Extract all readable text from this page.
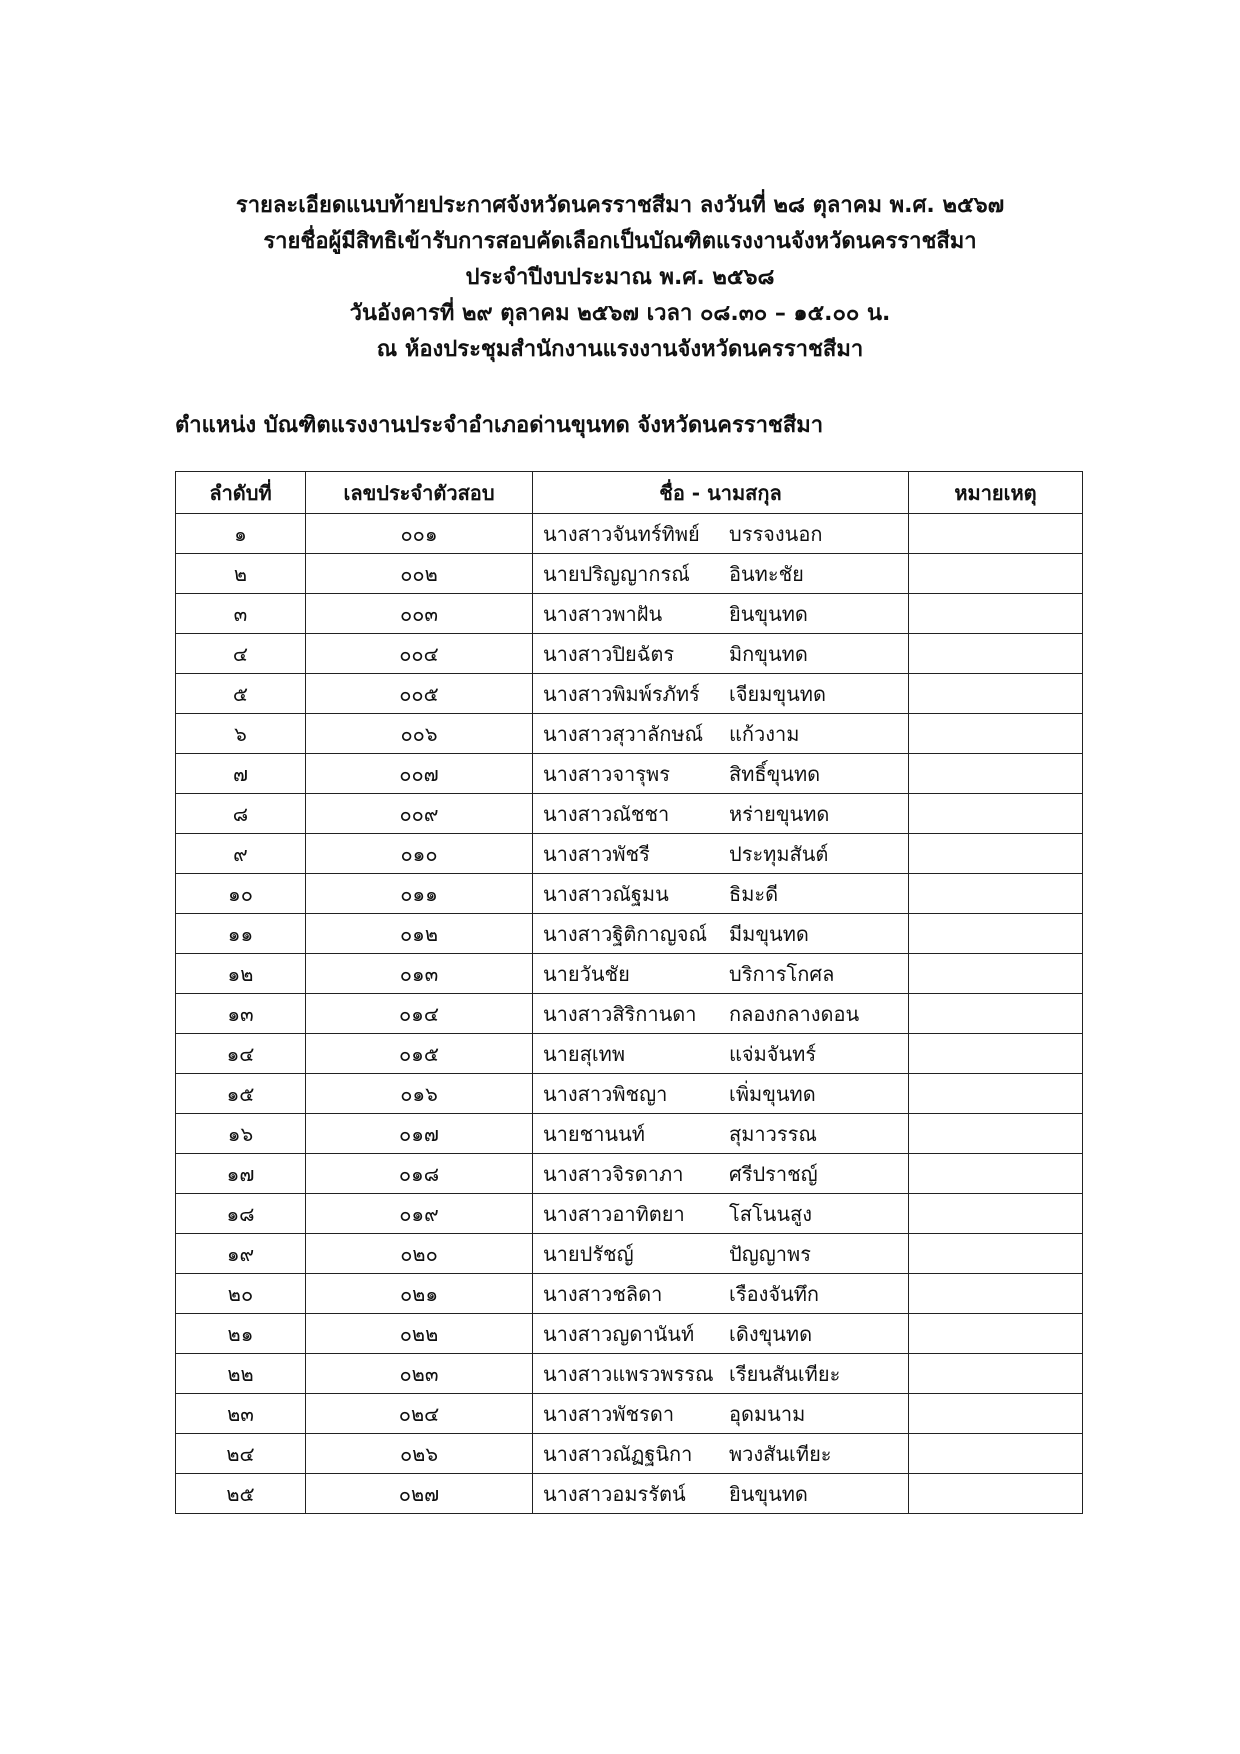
รายละเอียดแนบท้ายประกาศจังหวัดนครราชสีมา ลงวันที่ ๒๘ ตุลาคม พ.ศ. ๒๕๖๗
รายชื่อผู้มีสิทธิเข้ารับการสอบคัดเลือกเป็นบัณฑิตแรงงานจังหวัดนครราชสีมา
ประจำปีงบประมาณ พ.ศ. ๒๕๖๘
วันอังคารที่ ๒๙ ตุลาคม ๒๕๖๗ เวลา ๐๘.๓๐ – ๑๕.๐๐ น.
ณ ห้องประชุมสำนักงานแรงงานจังหวัดนครราชสีมา
ตำแหน่ง บัณฑิตแรงงานประจำอำเภอด่านขุนทด จังหวัดนครราชสีมา
ลำดับที่	เลขประจำตัวสอบ	ชื่อ - นามสกุล	หมายเหตุ
๑	๐๐๑	นางสาวจันทร์ทิพย์ บรรจงนอก	
๒	๐๐๒	นายปริญญากรณ์ อินทะชัย	
๓	๐๐๓	นางสาวพาฝัน ยินขุนทด	
๔	๐๐๔	นางสาวปิยฉัตร มิกขุนทด	
๕	๐๐๕	นางสาวพิมพ์รภัทร์ เจียมขุนทด	
๖	๐๐๖	นางสาวสุวาลักษณ์ แก้วงาม	
๗	๐๐๗	นางสาวจารุพร สิทธิ์ขุนทด	
๘	๐๐๙	นางสาวณัชชา หร่ายขุนทด	
๙	๐๑๐	นางสาวพัชรี ประทุมสันต์	
๑๐	๐๑๑	นางสาวณัฐมน ธิมะดี	
๑๑	๐๑๒	นางสาวฐิติกาญจณ์ มีมขุนทด	
๑๒	๐๑๓	นายวันชัย บริการโกศล	
๑๓	๐๑๔	นางสาวสิริกานดา กลองกลางดอน	
๑๔	๐๑๕	นายสุเทพ แจ่มจันทร์	
๑๕	๐๑๖	นางสาวพิชญา เพิ่มขุนทด	
๑๖	๐๑๗	นายชานนท์ สุมาวรรณ	
๑๗	๐๑๘	นางสาวจิรดาภา ศรีปราชญ์	
๑๘	๐๑๙	นางสาวอาทิตยา โสโนนสูง	
๑๙	๐๒๐	นายปรัชญ์ ปัญญาพร	
๒๐	๐๒๑	นางสาวชลิดา เรืองจันทึก	
๒๑	๐๒๒	นางสาวญดานันท์ เดิงขุนทด	
๒๒	๐๒๓	นางสาวแพรวพรรณ เรียนสันเทียะ	
๒๓	๐๒๔	นางสาวพัชรดา อุดมนาม	
๒๔	๐๒๖	นางสาวณัฏฐนิกา พวงสันเทียะ	
๒๕	๐๒๗	นางสาวอมรรัตน์ ยินขุนทด	
